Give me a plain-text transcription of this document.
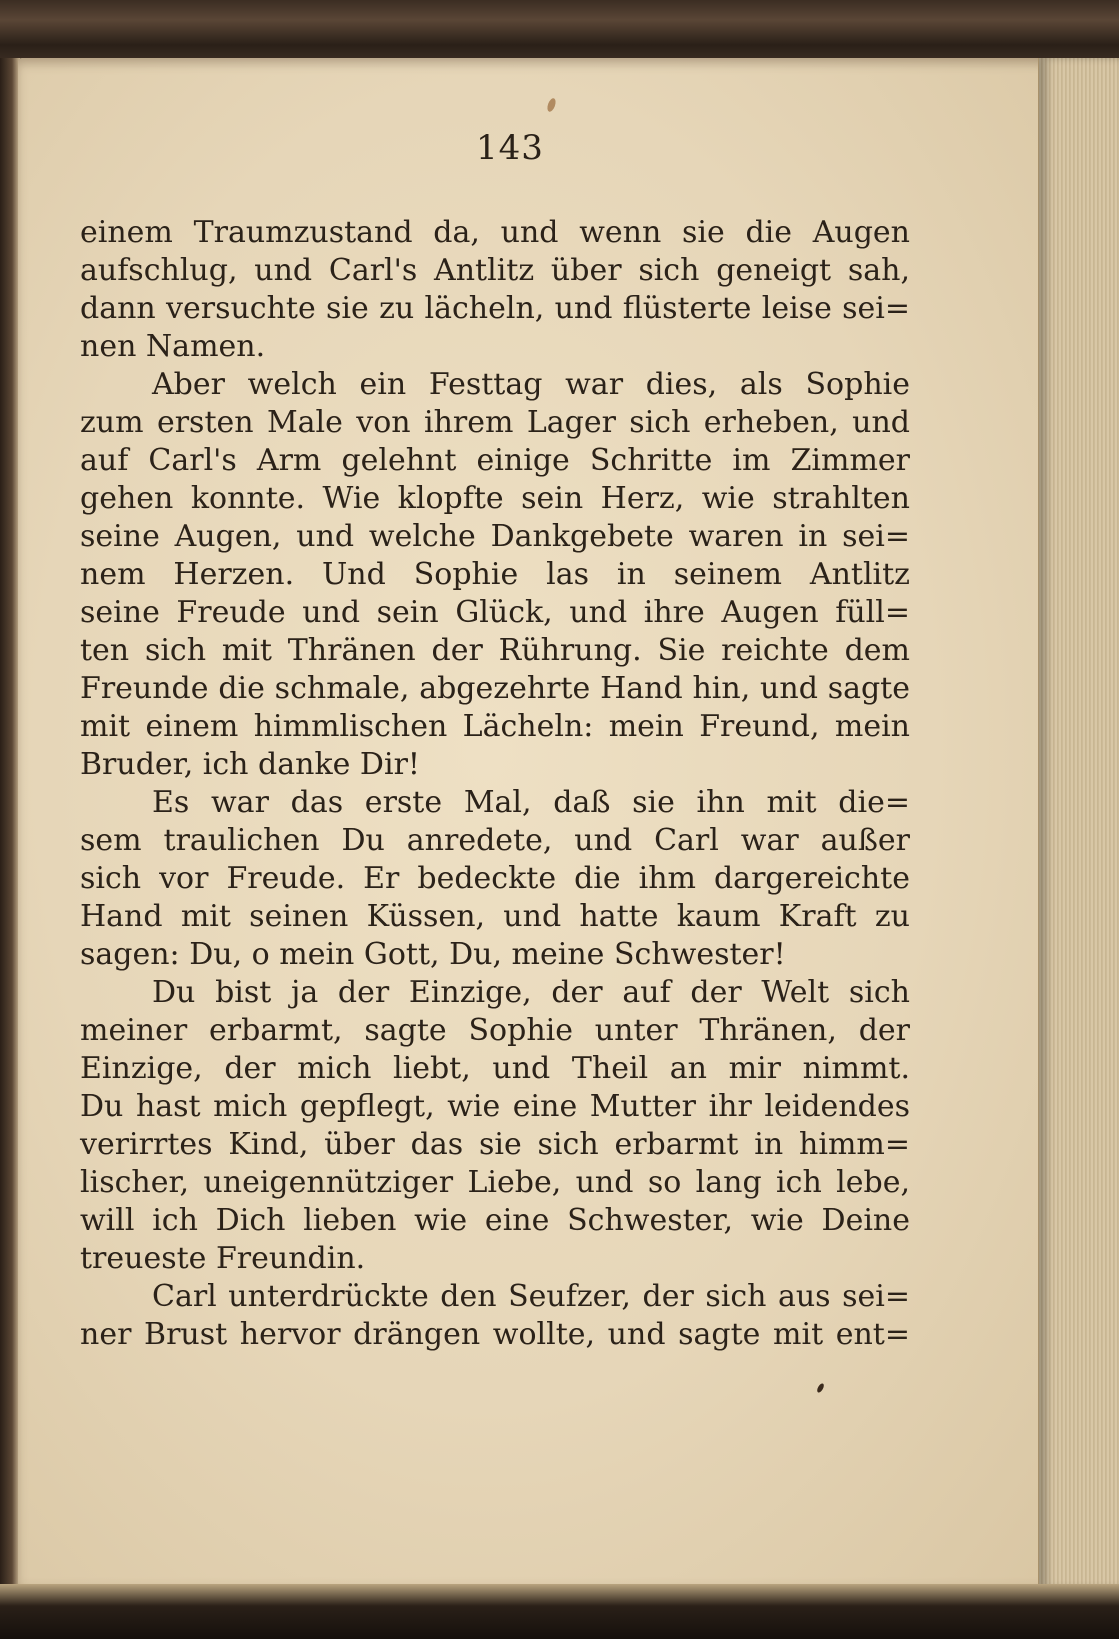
143
einem Traumzustand da, und wenn sie die Augen
aufschlug, und Carl's Antlitz über sich geneigt sah,
dann versuchte sie zu lächeln, und flüsterte leise sei=
nen Namen.
Aber welch ein Festtag war dies, als Sophie
zum ersten Male von ihrem Lager sich erheben, und
auf Carl's Arm gelehnt einige Schritte im Zimmer
gehen konnte. Wie klopfte sein Herz, wie strahlten
seine Augen, und welche Dankgebete waren in sei=
nem Herzen. Und Sophie las in seinem Antlitz
seine Freude und sein Glück, und ihre Augen füll=
ten sich mit Thränen der Rührung. Sie reichte dem
Freunde die schmale, abgezehrte Hand hin, und sagte
mit einem himmlischen Lächeln: mein Freund, mein
Bruder, ich danke Dir!
Es war das erste Mal, daß sie ihn mit die=
sem traulichen Du anredete, und Carl war außer
sich vor Freude. Er bedeckte die ihm dargereichte
Hand mit seinen Küssen, und hatte kaum Kraft zu
sagen: Du, o mein Gott, Du, meine Schwester!
Du bist ja der Einzige, der auf der Welt sich
meiner erbarmt, sagte Sophie unter Thränen, der
Einzige, der mich liebt, und Theil an mir nimmt.
Du hast mich gepflegt, wie eine Mutter ihr leidendes
verirrtes Kind, über das sie sich erbarmt in himm=
lischer, uneigennütziger Liebe, und so lang ich lebe,
will ich Dich lieben wie eine Schwester, wie Deine
treueste Freundin.
Carl unterdrückte den Seufzer, der sich aus sei=
ner Brust hervor drängen wollte, und sagte mit ent=
